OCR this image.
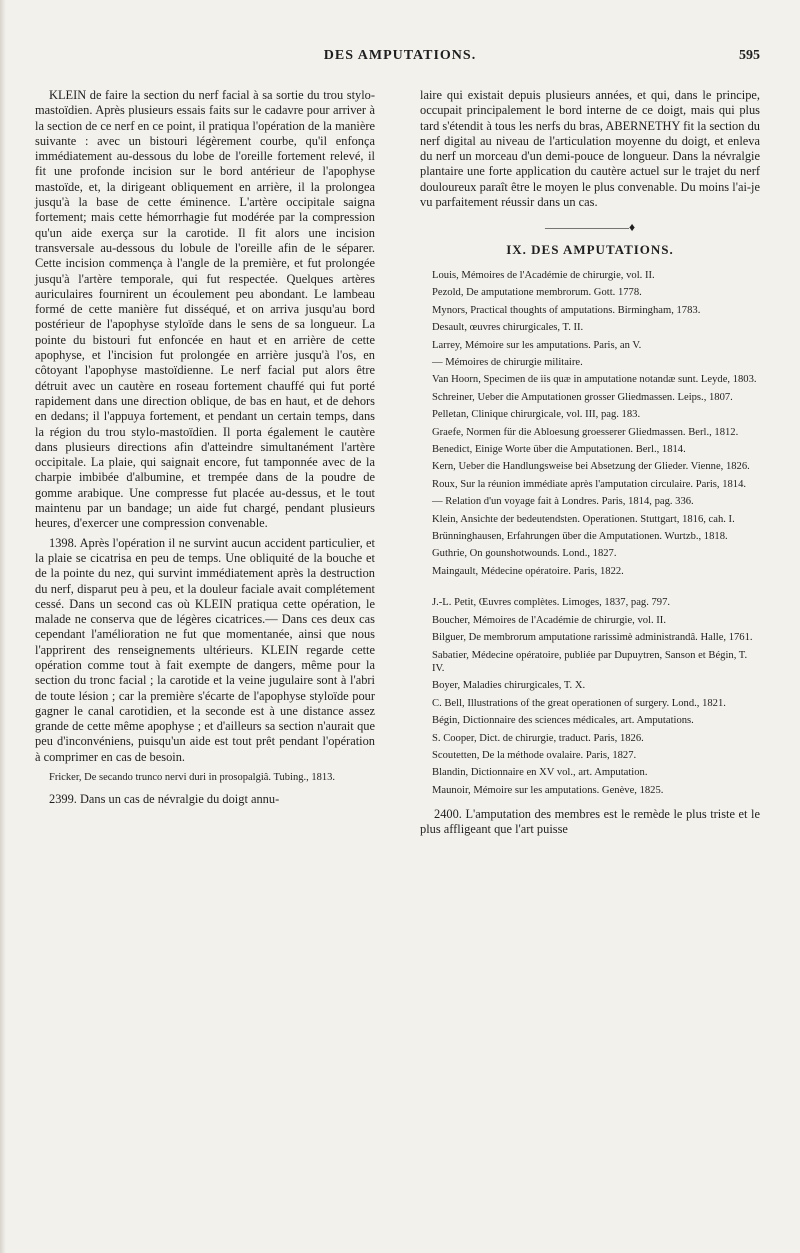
DES AMPUTATIONS.	595

KLEIN de faire la section du nerf facial à sa sortie du trou stylo-mastoïdien. Après plusieurs essais faits sur le cadavre pour arriver à la section de ce nerf en ce point, il pratiqua l'opération de la manière suivante : avec un bistouri légèrement courbe, qu'il enfonça immédiatement au-dessous du lobe de l'oreille fortement relevé, il fit une profonde incision sur le bord antérieur de l'apophyse mastoïde, et, la dirigeant obliquement en arrière, il la prolongea jusqu'à la base de cette éminence. L'artère occipitale saigna fortement; mais cette hémorrhagie fut modérée par la compression qu'un aide exerça sur la carotide. Il fit alors une incision transversale au-dessous du lobule de l'oreille afin de le séparer. Cette incision commença à l'angle de la première, et fut prolongée jusqu'à l'artère temporale, qui fut respectée. Quelques artères auriculaires fournirent un écoulement peu abondant. Le lambeau formé de cette manière fut disséqué, et on arriva jusqu'au bord postérieur de l'apophyse styloïde dans le sens de sa longueur. La pointe du bistouri fut enfoncée en haut et en arrière de cette apophyse, et l'incision fut prolongée en arrière jusqu'à l'os, en côtoyant l'apophyse mastoïdienne. Le nerf facial put alors être détruit avec un cautère en roseau fortement chauffé qui fut porté rapidement dans une direction oblique, de bas en haut, et de dehors en dedans; il l'appuya fortement, et pendant un certain temps, dans la région du trou stylo-mastoïdien. Il porta également le cautère dans plusieurs directions afin d'atteindre simultanément l'artère occipitale. La plaie, qui saignait encore, fut tamponnée avec de la charpie imbibée d'albumine, et trempée dans de la poudre de gomme arabique. Une compresse fut placée au-dessus, et le tout maintenu par un bandage; un aide fut chargé, pendant plusieurs heures, d'exercer une compression convenable.

1398. Après l'opération il ne survint aucun accident particulier, et la plaie se cicatrisa en peu de temps. Une obliquité de la bouche et de la pointe du nez, qui survint immédiatement après la destruction du nerf, disparut peu à peu, et la douleur faciale avait complétement cessé. Dans un second cas où KLEIN pratiqua cette opération, le malade ne conserva que de légères cicatrices.— Dans ces deux cas cependant l'amélioration ne fut que momentanée, ainsi que nous l'apprirent des renseignements ultérieurs. KLEIN regarde cette opération comme tout à fait exempte de dangers, même pour la section du tronc facial ; la carotide et la veine jugulaire sont à l'abri de toute lésion ; car la première s'écarte de l'apophyse styloïde pour gagner le canal carotidien, et la seconde est à une distance assez grande de cette même apophyse ; et d'ailleurs sa section n'aurait que peu d'inconvéniens, puisqu'un aide est tout prêt pendant l'opération à comprimer en cas de besoin.

Fricker, De secando trunco nervi duri in prosopalgiâ. Tubing., 1813.

2399. Dans un cas de névralgie du doigt annu-

laire qui existait depuis plusieurs années, et qui, dans le principe, occupait principalement le bord interne de ce doigt, mais qui plus tard s'étendit à tous les nerfs du bras, ABERNETHY fit la section du nerf digital au niveau de l'articulation moyenne du doigt, et enleva du nerf un morceau d'un demi-pouce de longueur. Dans la névralgie plantaire une forte application du cautère actuel sur le trajet du nerf douloureux paraît être le moyen le plus convenable. Du moins l'ai-je vu parfaitement réussir dans un cas.

———————♦
IX. DES AMPUTATIONS.

Louis, Mémoires de l'Académie de chirurgie, vol. II.

Pezold, De amputatione membrorum. Gott. 1778.

Mynors, Practical thoughts of amputations. Birmingham, 1783.

Desault, œuvres chirurgicales, T. II.

Larrey, Mémoire sur les amputations. Paris, an V.

— Mémoires de chirurgie militaire.

Van Hoorn, Specimen de iis quæ in amputatione notandæ sunt. Leyde, 1803.

Schreiner, Ueber die Amputationen grosser Gliedmassen. Leips., 1807.

Pelletan, Clinique chirurgicale, vol. III, pag. 183.

Graefe, Normen für die Abloesung groesserer Gliedmassen. Berl., 1812.

Benedict, Einige Worte über die Amputationen. Berl., 1814.

Kern, Ueber die Handlungsweise bei Absetzung der Glieder. Vienne, 1826.

Roux, Sur la réunion immédiate après l'amputation circulaire. Paris, 1814.

— Relation d'un voyage fait à Londres. Paris, 1814, pag. 336.

Klein, Ansichte der bedeutendsten. Operationen. Stuttgart, 1816, cah. I.

Brünninghausen, Erfahrungen über die Amputationen. Wurtzb., 1818.

Guthrie, On gounshotwounds. Lond., 1827.

Maingault, Médecine opératoire. Paris, 1822.

J.-L. Petit, Œuvres complètes. Limoges, 1837, pag. 797.

Boucher, Mémoires de l'Académie de chirurgie, vol. II.

Bilguer, De membrorum amputatione rarissimè administrandâ. Halle, 1761.

Sabatier, Médecine opératoire, publiée par Dupuytren, Sanson et Bégin, T. IV.

Boyer, Maladies chirurgicales, T. X.

C. Bell, Illustrations of the great operationen of surgery. Lond., 1821.

Bégin, Dictionnaire des sciences médicales, art. Amputations.

S. Cooper, Dict. de chirurgie, traduct. Paris, 1826.

Scoutetten, De la méthode ovalaire. Paris, 1827.

Blandin, Dictionnaire en XV vol., art. Amputation.

Maunoir, Mémoire sur les amputations. Genève, 1825.

2400. L'amputation des membres est le remède le plus triste et le plus affligeant que l'art puisse
